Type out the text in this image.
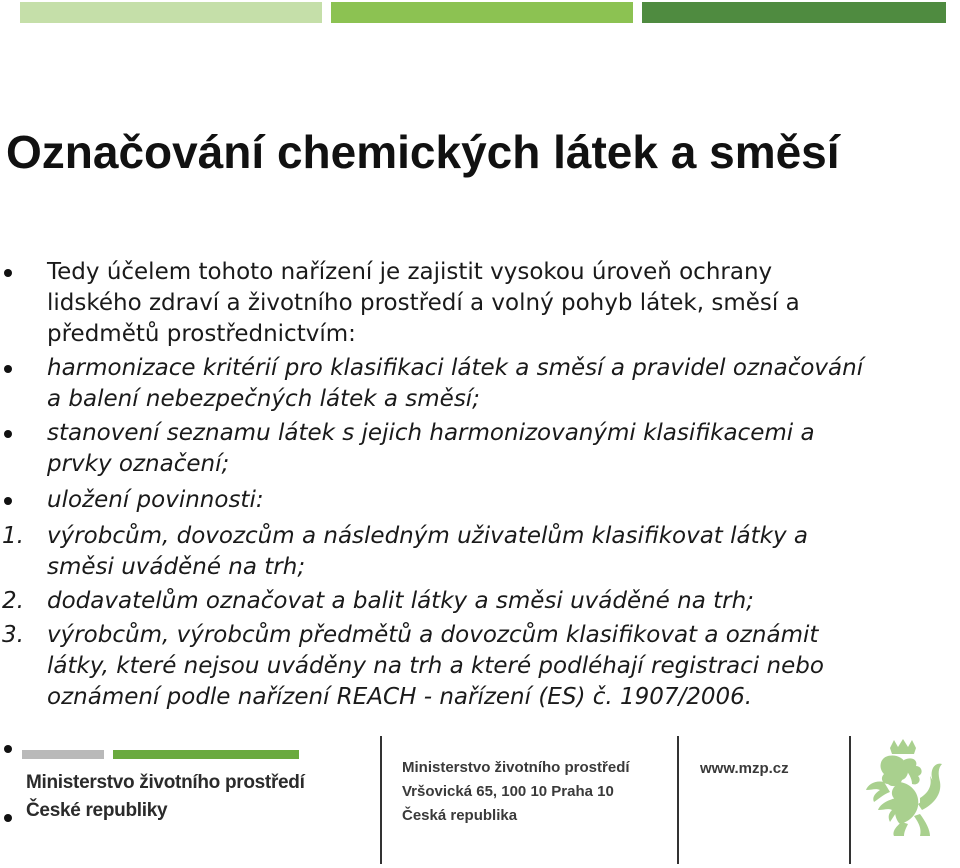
Označování chemických látek a směsí
Tedy účelem tohoto nařízení je zajistit vysokou úroveň ochrany
lidského zdraví a životního prostředí a volný pohyb látek, směsí a
předmětů prostřednictvím:
harmonizace kritérií pro klasifikaci látek a směsí a pravidel označování
a balení nebezpečných látek a směsí;
stanovení seznamu látek s jejich harmonizovanými klasifikacemi a
prvky označení;
uložení povinnosti:
1. výrobcům, dovozcům a následným uživatelům klasifikovat látky a
směsi uváděné na trh;
2. dodavatelům označovat a balit látky a směsi uváděné na trh;
3. výrobcům, výrobcům předmětů a dovozcům klasifikovat a oznámit
látky, které nejsou uváděny na trh a které podléhají registraci nebo
oznámení podle nařízení REACH - nařízení (ES) č. 1907/2006.
Ministerstvo životního prostředí
České republiky
Ministerstvo životního prostředí
Vršovická 65, 100 10 Praha 10
Česká republika
www.mzp.cz
